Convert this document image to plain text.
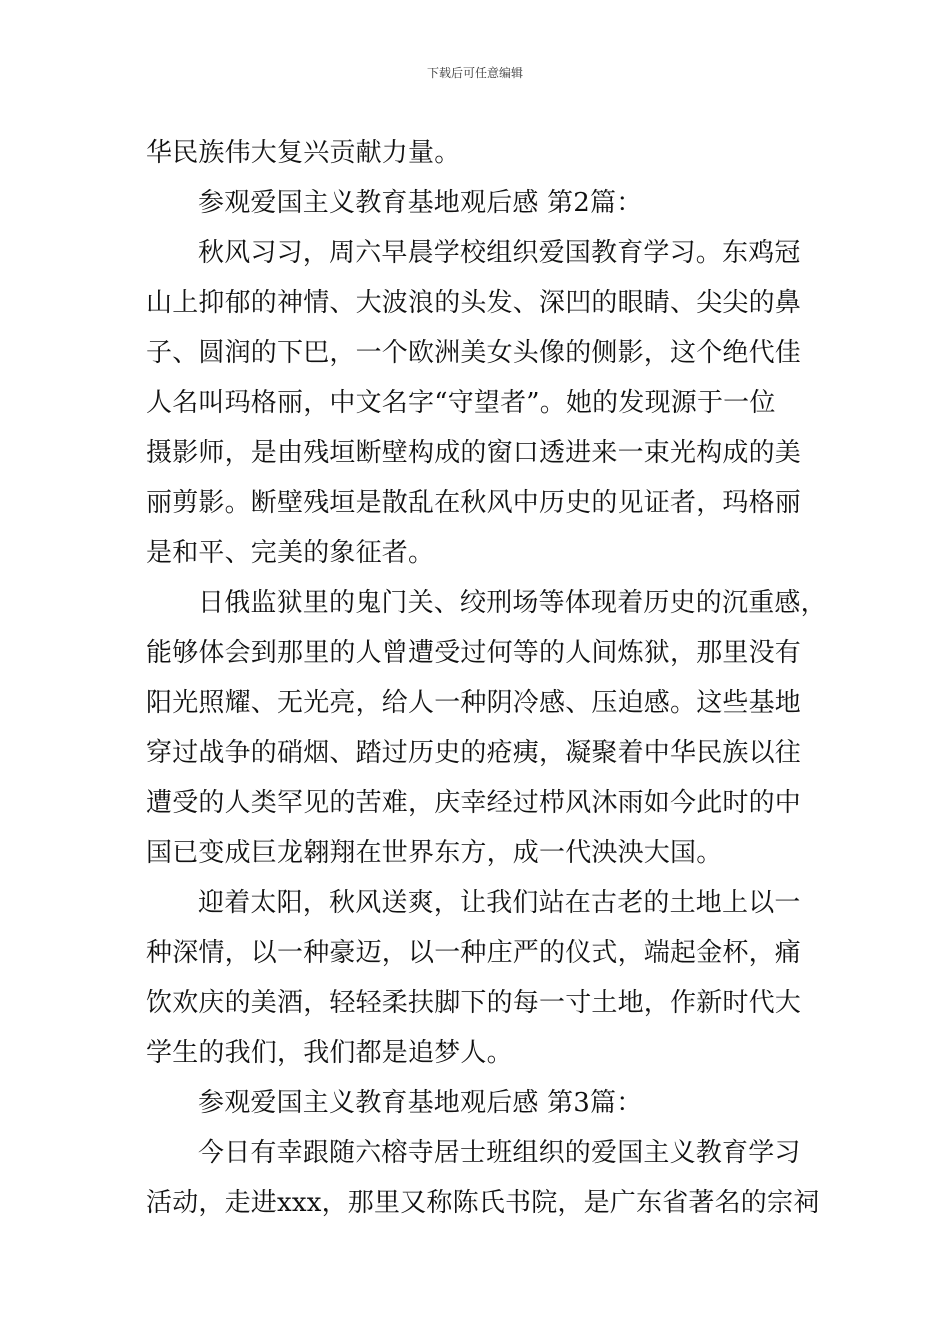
下载后可任意编辑
华民族伟大复兴贡献力量。
参观爱国主义教育基地观后感 第2篇：
秋风习习，周六早晨学校组织爱国教育学习。东鸡冠
山上抑郁的神情、大波浪的头发、深凹的眼睛、尖尖的鼻
子、圆润的下巴，一个欧洲美女头像的侧影，这个绝代佳
人名叫玛格丽，中文名字“守望者”。她的发现源于一位
摄影师，是由残垣断壁构成的窗口透进来一束光构成的美
丽剪影。断壁残垣是散乱在秋风中历史的见证者，玛格丽
是和平、完美的象征者。
日俄监狱里的鬼门关、绞刑场等体现着历史的沉重感，
能够体会到那里的人曾遭受过何等的人间炼狱，那里没有
阳光照耀、无光亮，给人一种阴冷感、压迫感。这些基地
穿过战争的硝烟、踏过历史的疮痍，凝聚着中华民族以往
遭受的人类罕见的苦难，庆幸经过栉风沐雨如今此时的中
国已变成巨龙翱翔在世界东方，成一代泱泱大国。
迎着太阳，秋风送爽，让我们站在古老的土地上以一
种深情，以一种豪迈，以一种庄严的仪式，端起金杯，痛
饮欢庆的美酒，轻轻柔扶脚下的每一寸土地，作新时代大
学生的我们，我们都是追梦人。
参观爱国主义教育基地观后感 第3篇：
今日有幸跟随六榕寺居士班组织的爱国主义教育学习
活动，走进xxx，那里又称陈氏书院，是广东省著名的宗祠
